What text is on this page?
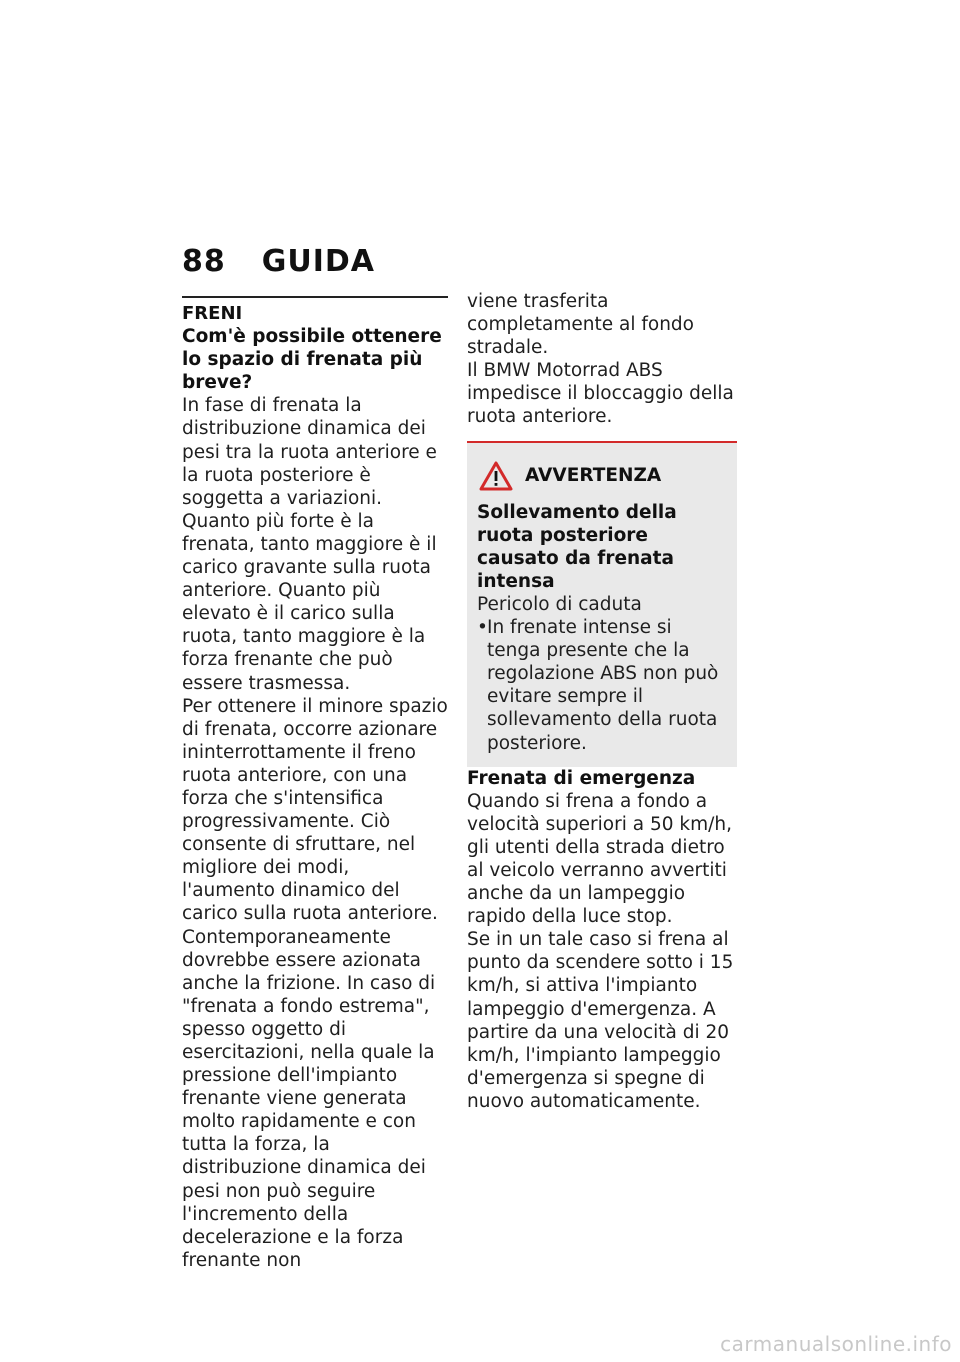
88 GUIDA

FRENI

Com'è possibile ottenere lo spazio di frenata più breve?

In fase di frenata la distribuzione dinamica dei pesi tra la ruota anteriore e la ruota posteriore è soggetta a variazioni. Quanto più forte è la frenata, tanto maggiore è il carico gravante sulla ruota anteriore. Quanto più elevato è il carico sulla ruota, tanto maggiore è la forza frenante che può essere trasmessa.

Per ottenere il minore spazio di frenata, occorre azionare ininterrottamente il freno ruota anteriore, con una forza che s'intensifica progressivamente. Ciò consente di sfruttare, nel migliore dei modi, l'aumento dinamico del carico sulla ruota anteriore. Contemporaneamente dovrebbe essere azionata anche la frizione. In caso di "frenata a fondo estrema", spesso oggetto di esercitazioni, nella quale la pressione dell'impianto frenante viene generata molto rapidamente e con tutta la forza, la distribuzione dinamica dei pesi non può seguire l'incremento della decelerazione e la forza frenante non

viene trasferita completamente al fondo stradale.

Il BMW Motorrad ABS impedisce il bloccaggio della ruota anteriore.

AVVERTENZA

Sollevamento della ruota posteriore causato da frenata intensa

Pericolo di caduta

• In frenate intense si tenga presente che la regolazione ABS non può evitare sempre il sollevamento della ruota posteriore.

Frenata di emergenza

Quando si frena a fondo a velocità superiori a 50 km/h, gli utenti della strada dietro al veicolo verranno avvertiti anche da un lampeggio rapido della luce stop.

Se in un tale caso si frena al punto da scendere sotto i 15 km/h, si attiva l'impianto lampeggio d'emergenza. A partire da una velocità di 20 km/h, l'impianto lampeggio d'emergenza si spegne di nuovo automaticamente.

carmanualsonline.info
